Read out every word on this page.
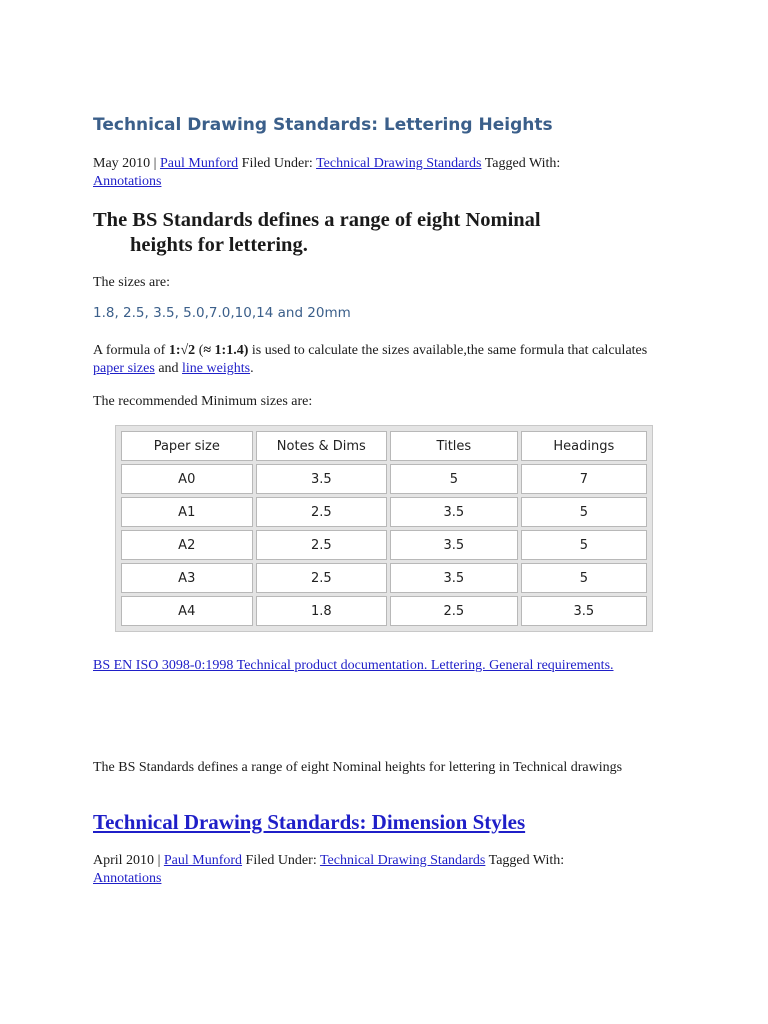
Technical Drawing Standards: Lettering Heights
May 2010 | Paul Munford Filed Under: Technical Drawing Standards Tagged With:
Annotations
The BS Standards defines a range of eight Nominal
heights for lettering.

The sizes are:

1.8, 2.5, 3.5, 5.0,7.0,10,14 and 20mm

A formula of 1:√2 (≈ 1:1.4) is used to calculate the sizes available,the same formula that calculates paper sizes and line weights.

The recommended Minimum sizes are:

Paper size	Notes & Dims	Titles	Headings
A0	3.5	5	7
A1	2.5	3.5	5
A2	2.5	3.5	5
A3	2.5	3.5	5
A4	1.8	2.5	3.5
BS EN ISO 3098-0:1998 Technical product documentation. Lettering. General requirements.

The BS Standards defines a range of eight Nominal heights for lettering in Technical drawings

Technical Drawing Standards: Dimension Styles
April 2010 | Paul Munford Filed Under: Technical Drawing Standards Tagged With:
Annotations
